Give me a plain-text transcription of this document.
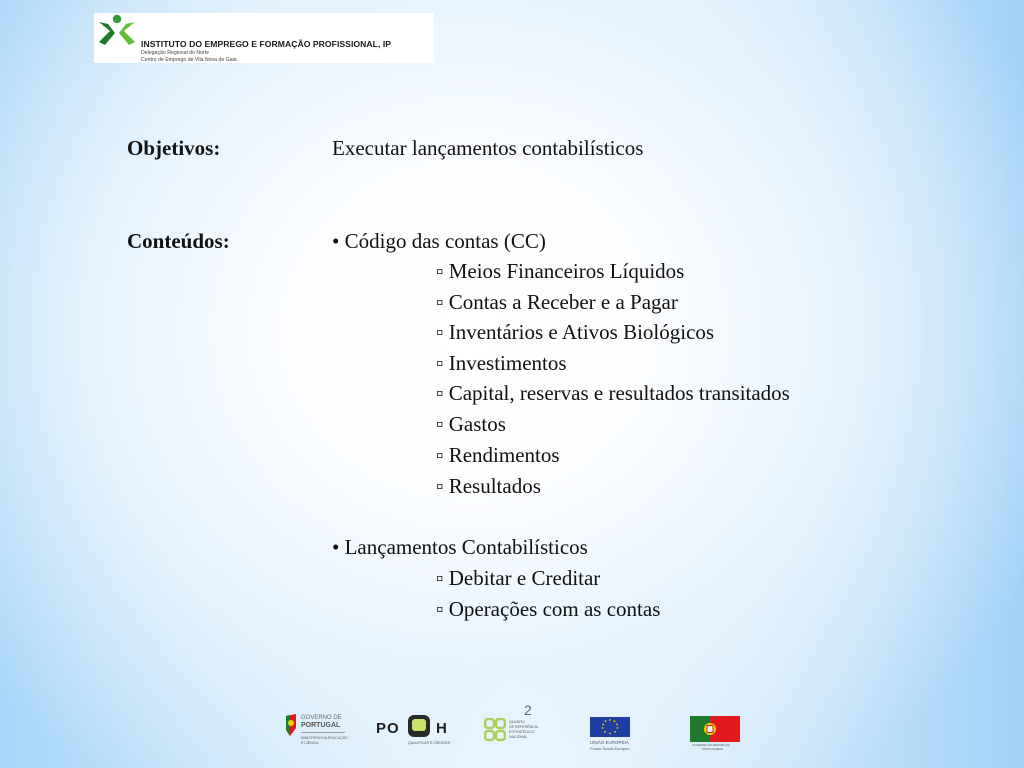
INSTITUTO DO EMPREGO E FORMAÇÃO PROFISSIONAL, IP
Delegação Regional do Norte
Centro de Emprego de Vila Nova de Gaia
Objetivos:	Executar lançamentos contabilísticos
Conteúdos:	• Código das contas (CC)
▫ Meios Financeiros Líquidos
▫ Contas a Receber e a Pagar
▫ Inventários e Ativos Biológicos
▫ Investimentos
▫ Capital, reservas e resultados transitados
▫ Gastos
▫ Rendimentos
▫ Resultados
• Lançamentos Contabilísticos
▫ Debitar e Creditar
▫ Operações com as contas
GOVERNO DE
PORTUGAL
MINISTÉRIO DA EDUCAÇÃO
E CIÊNCIA
PO H
QUALIFICAR É CRESCER
2
QUADRO
DE REFERÊNCIA
ESTRATÉGICO
NACIONAL
UNIÃO EUROPEIA
Fundo Social Europeu
GOVERNO DA REPÚBLICA
PORTUGUESA
